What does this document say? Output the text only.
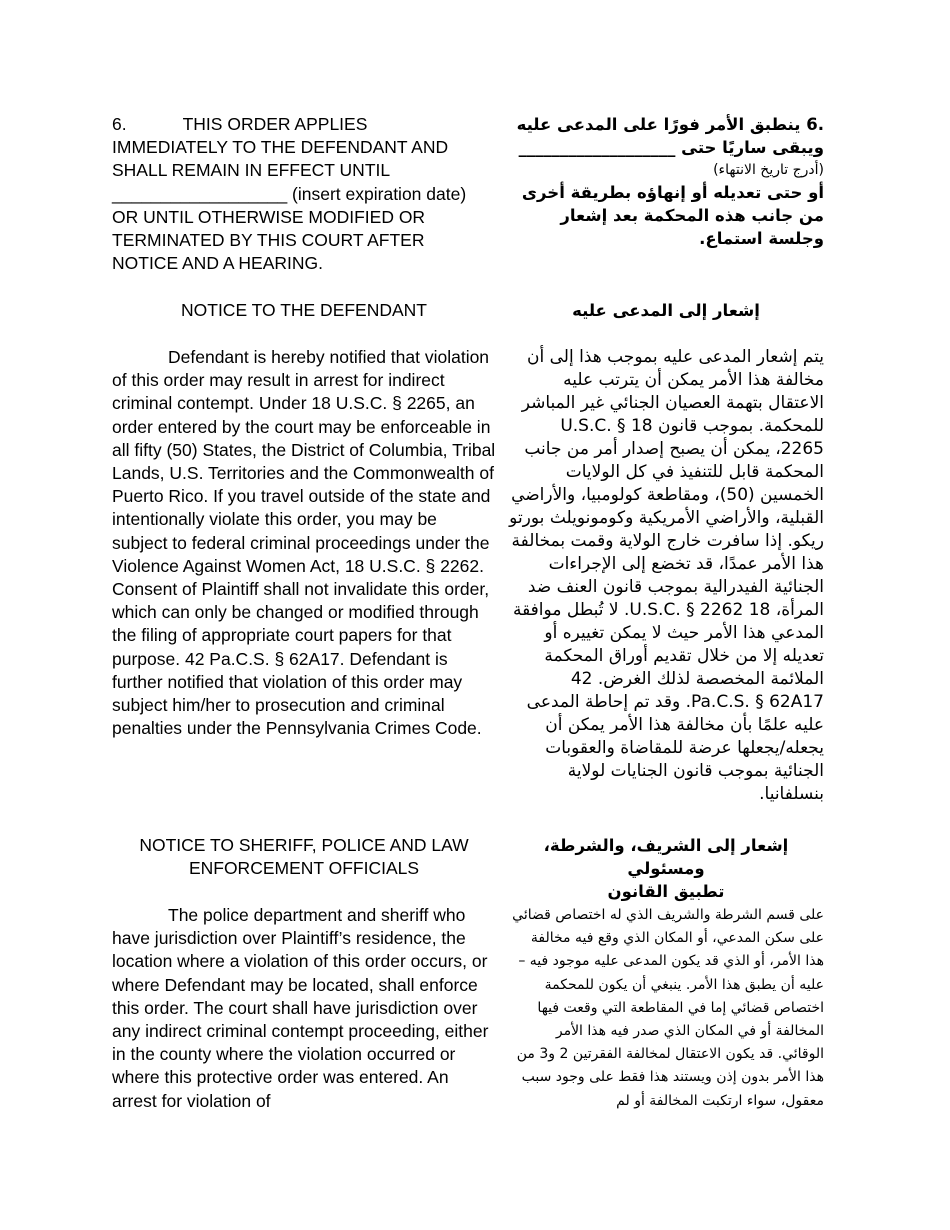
6.	THIS ORDER APPLIES
IMMEDIATELY TO THE DEFENDANT AND
SHALL REMAIN IN EFFECT UNTIL
__________________ (insert expiration date)
OR UNTIL OTHERWISE MODIFIED OR
TERMINATED BY THIS COURT AFTER
NOTICE AND A HEARING.
NOTICE TO THE DEFENDANT
Defendant is hereby notified that violation of this order may result in arrest for indirect criminal contempt. Under 18 U.S.C. § 2265, an order entered by the court may be enforceable in all fifty (50) States, the District of Columbia, Tribal Lands, U.S. Territories and the Commonwealth of Puerto Rico. If you travel outside of the state and intentionally violate this order, you may be subject to federal criminal proceedings under the Violence Against Women Act, 18 U.S.C. § 2262. Consent of Plaintiff shall not invalidate this order, which can only be changed or modified through the filing of appropriate court papers for that purpose. 42 Pa.C.S. § 62A17. Defendant is further notified that violation of this order may subject him/her to prosecution and criminal penalties under the Pennsylvania Crimes Code.
NOTICE TO SHERIFF, POLICE AND LAW
ENFORCEMENT OFFICIALS
The police department and sheriff who have jurisdiction over Plaintiff’s residence, the location where a violation of this order occurs, or where Defendant may be located, shall enforce this order. The court shall have jurisdiction over any indirect criminal contempt proceeding, either in the county where the violation occurred or where this protective order was entered. An arrest for violation of
.6 ينطبق الأمر فورًا على المدعى عليه
ويبقى ساريًا حتى ___________________
(أدرج تاريخ الانتهاء)
أو حتى تعديله أو إنهاؤه بطريقة أخرى من جانب هذه المحكمة بعد إشعار وجلسة استماع.
إشعار إلى المدعى عليه
يتم إشعار المدعى عليه بموجب هذا إلى أن مخالفة هذا الأمر يمكن أن يترتب عليه الاعتقال بتهمة العصيان الجنائي غير المباشر للمحكمة. بموجب قانون 18 U.S.C. § 2265، يمكن أن يصبح إصدار أمر من جانب المحكمة قابل للتنفيذ في كل الولايات الخمسين (50)، ومقاطعة كولومبيا، والأراضي القبلية، والأراضي الأمريكية وكومونويلث بورتو ريكو. إذا سافرت خارج الولاية وقمت بمخالفة هذا الأمر عمدًا، قد تخضع إلى الإجراءات الجنائية الفيدرالية بموجب قانون العنف ضد المرأة، 18 U.S.C. § 2262. لا تُبطل موافقة المدعي هذا الأمر حيث لا يمكن تغييره أو تعديله إلا من خلال تقديم أوراق المحكمة الملائمة المخصصة لذلك الغرض. 42 Pa.C.S. § 62A17. وقد تم إحاطة المدعى عليه علمًا بأن مخالفة هذا الأمر يمكن أن يجعله/يجعلها عرضة للمقاضاة والعقوبات الجنائية بموجب قانون الجنايات لولاية بنسلفانيا.
إشعار إلى الشريف، والشرطة، ومسئولي
تطبيق القانون
على قسم الشرطة والشريف الذي له اختصاص قضائي على سكن المدعي، أو المكان الذي وقع فيه مخالفة هذا الأمر، أو الذي قد يكون المدعى عليه موجود فيه – عليه أن يطبق هذا الأمر. ينبغي أن يكون للمحكمة اختصاص قضائي إما في المقاطعة التي وقعت فيها المخالفة أو في المكان الذي صدر فيه هذا الأمر الوقائي. قد يكون الاعتقال لمخالفة الفقرتين 2 و3 من هذا الأمر بدون إذن ويستند هذا فقط على وجود سبب معقول، سواء ارتكبت المخالفة أو لم
